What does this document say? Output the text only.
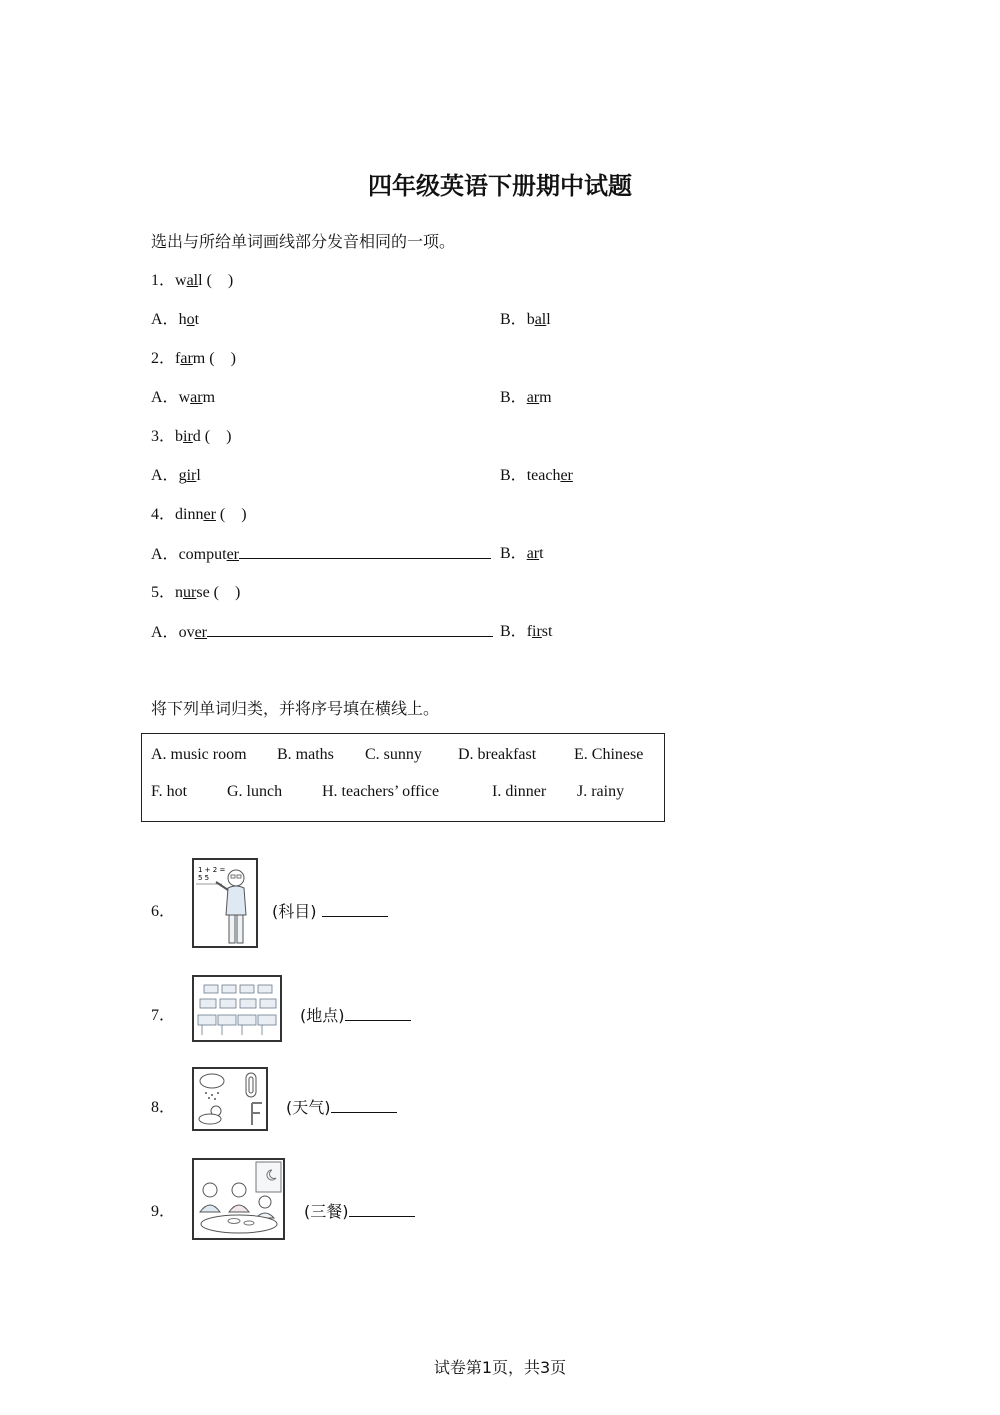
四年级英语下册期中试题
选出与所给单词画线部分发音相同的一项。
1．wall (　)
A．hot	B．ball
2．farm (　)
A．warm	B．arm
3．bird (　)
A．girl	B．teacher
4．dinner (　)
A．computer	B．art
5．nurse (　)
A．over	B．first
将下列单词归类，并将序号填在横线上。
A. music room B. maths C. sunny D. breakfast E. Chinese
F. hot G. lunch H. teachers’ office	I. dinner J. rainy
6．
1 + 2 =
5 5
(科目)
7．	(地点)
8．	(天气)
9．	(三餐)
试卷第1页，共3页
